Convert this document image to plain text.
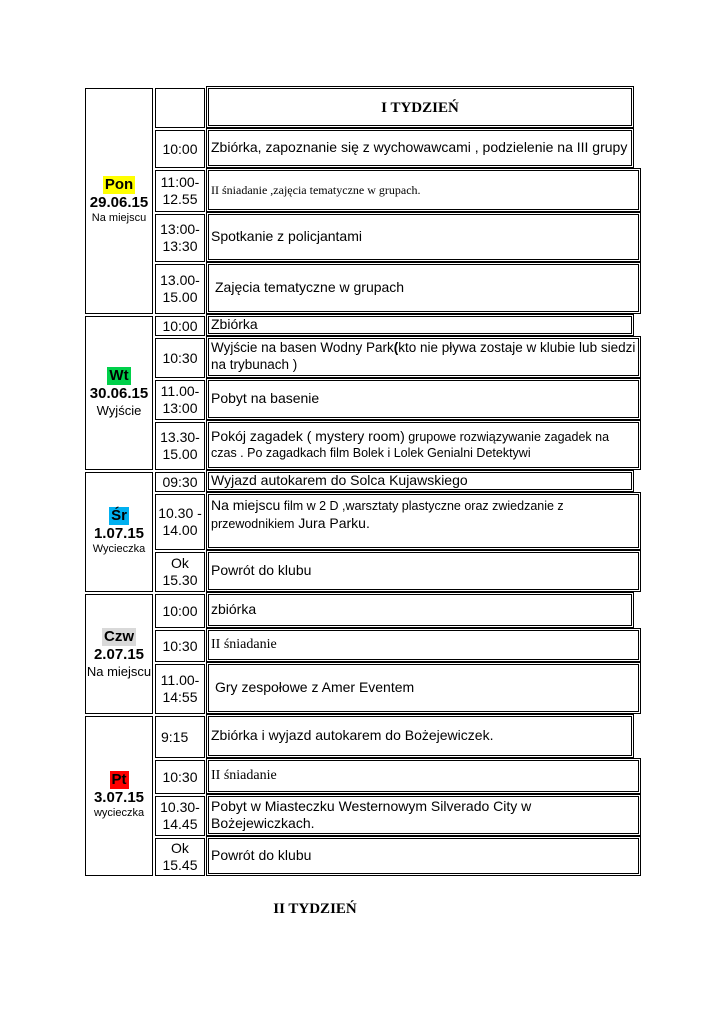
I TYDZIEŃ
Pon
29.06.15
Na miejscu
10:00 Zbiórka, zapoznanie się z wychowawcami , podzielenie na III grupy
11:00-12.55
II śniadanie ,zajęcia tematyczne w grupach.
13:00-13:30
Spotkanie z policjantami
13.00-15.00
Zajęcia tematyczne w grupach
Wt
30.06.15
Wyjście
10:00 Zbiórka
10:30
Wyjście na basen Wodny Park(kto nie pływa zostaje w klubie lub siedzi na trybunach )
11.00-13:00
Pobyt na basenie
13.30-15.00
Pokój zagadek ( mystery room) grupowe rozwiązywanie zagadek na czas . Po zagadkach film Bolek i Lolek Genialni Detektywi
Śr
1.07.15
Wycieczka
09:30 Wyjazd autokarem do Solca Kujawskiego
10.30 - 14.00
Na miejscu film w 2 D ,warsztaty plastyczne oraz zwiedzanie z przewodnikiem Jura Parku.
Ok 15.30
Powrót do klubu
Czw
2.07.15
Na miejscu
10:00 zbiórka
10:30 II śniadanie
11.00-14:55
Gry zespołowe z Amer Eventem
Pt
3.07.15
wycieczka
9:15 Zbiórka i wyjazd autokarem do Bożejewiczek.
10:30 II śniadanie
10.30-14.45
Pobyt w Miasteczku Westernowym Silverado City w Bożejewiczkach.
Ok 15.45
Powrót do klubu
II TYDZIEŃ
